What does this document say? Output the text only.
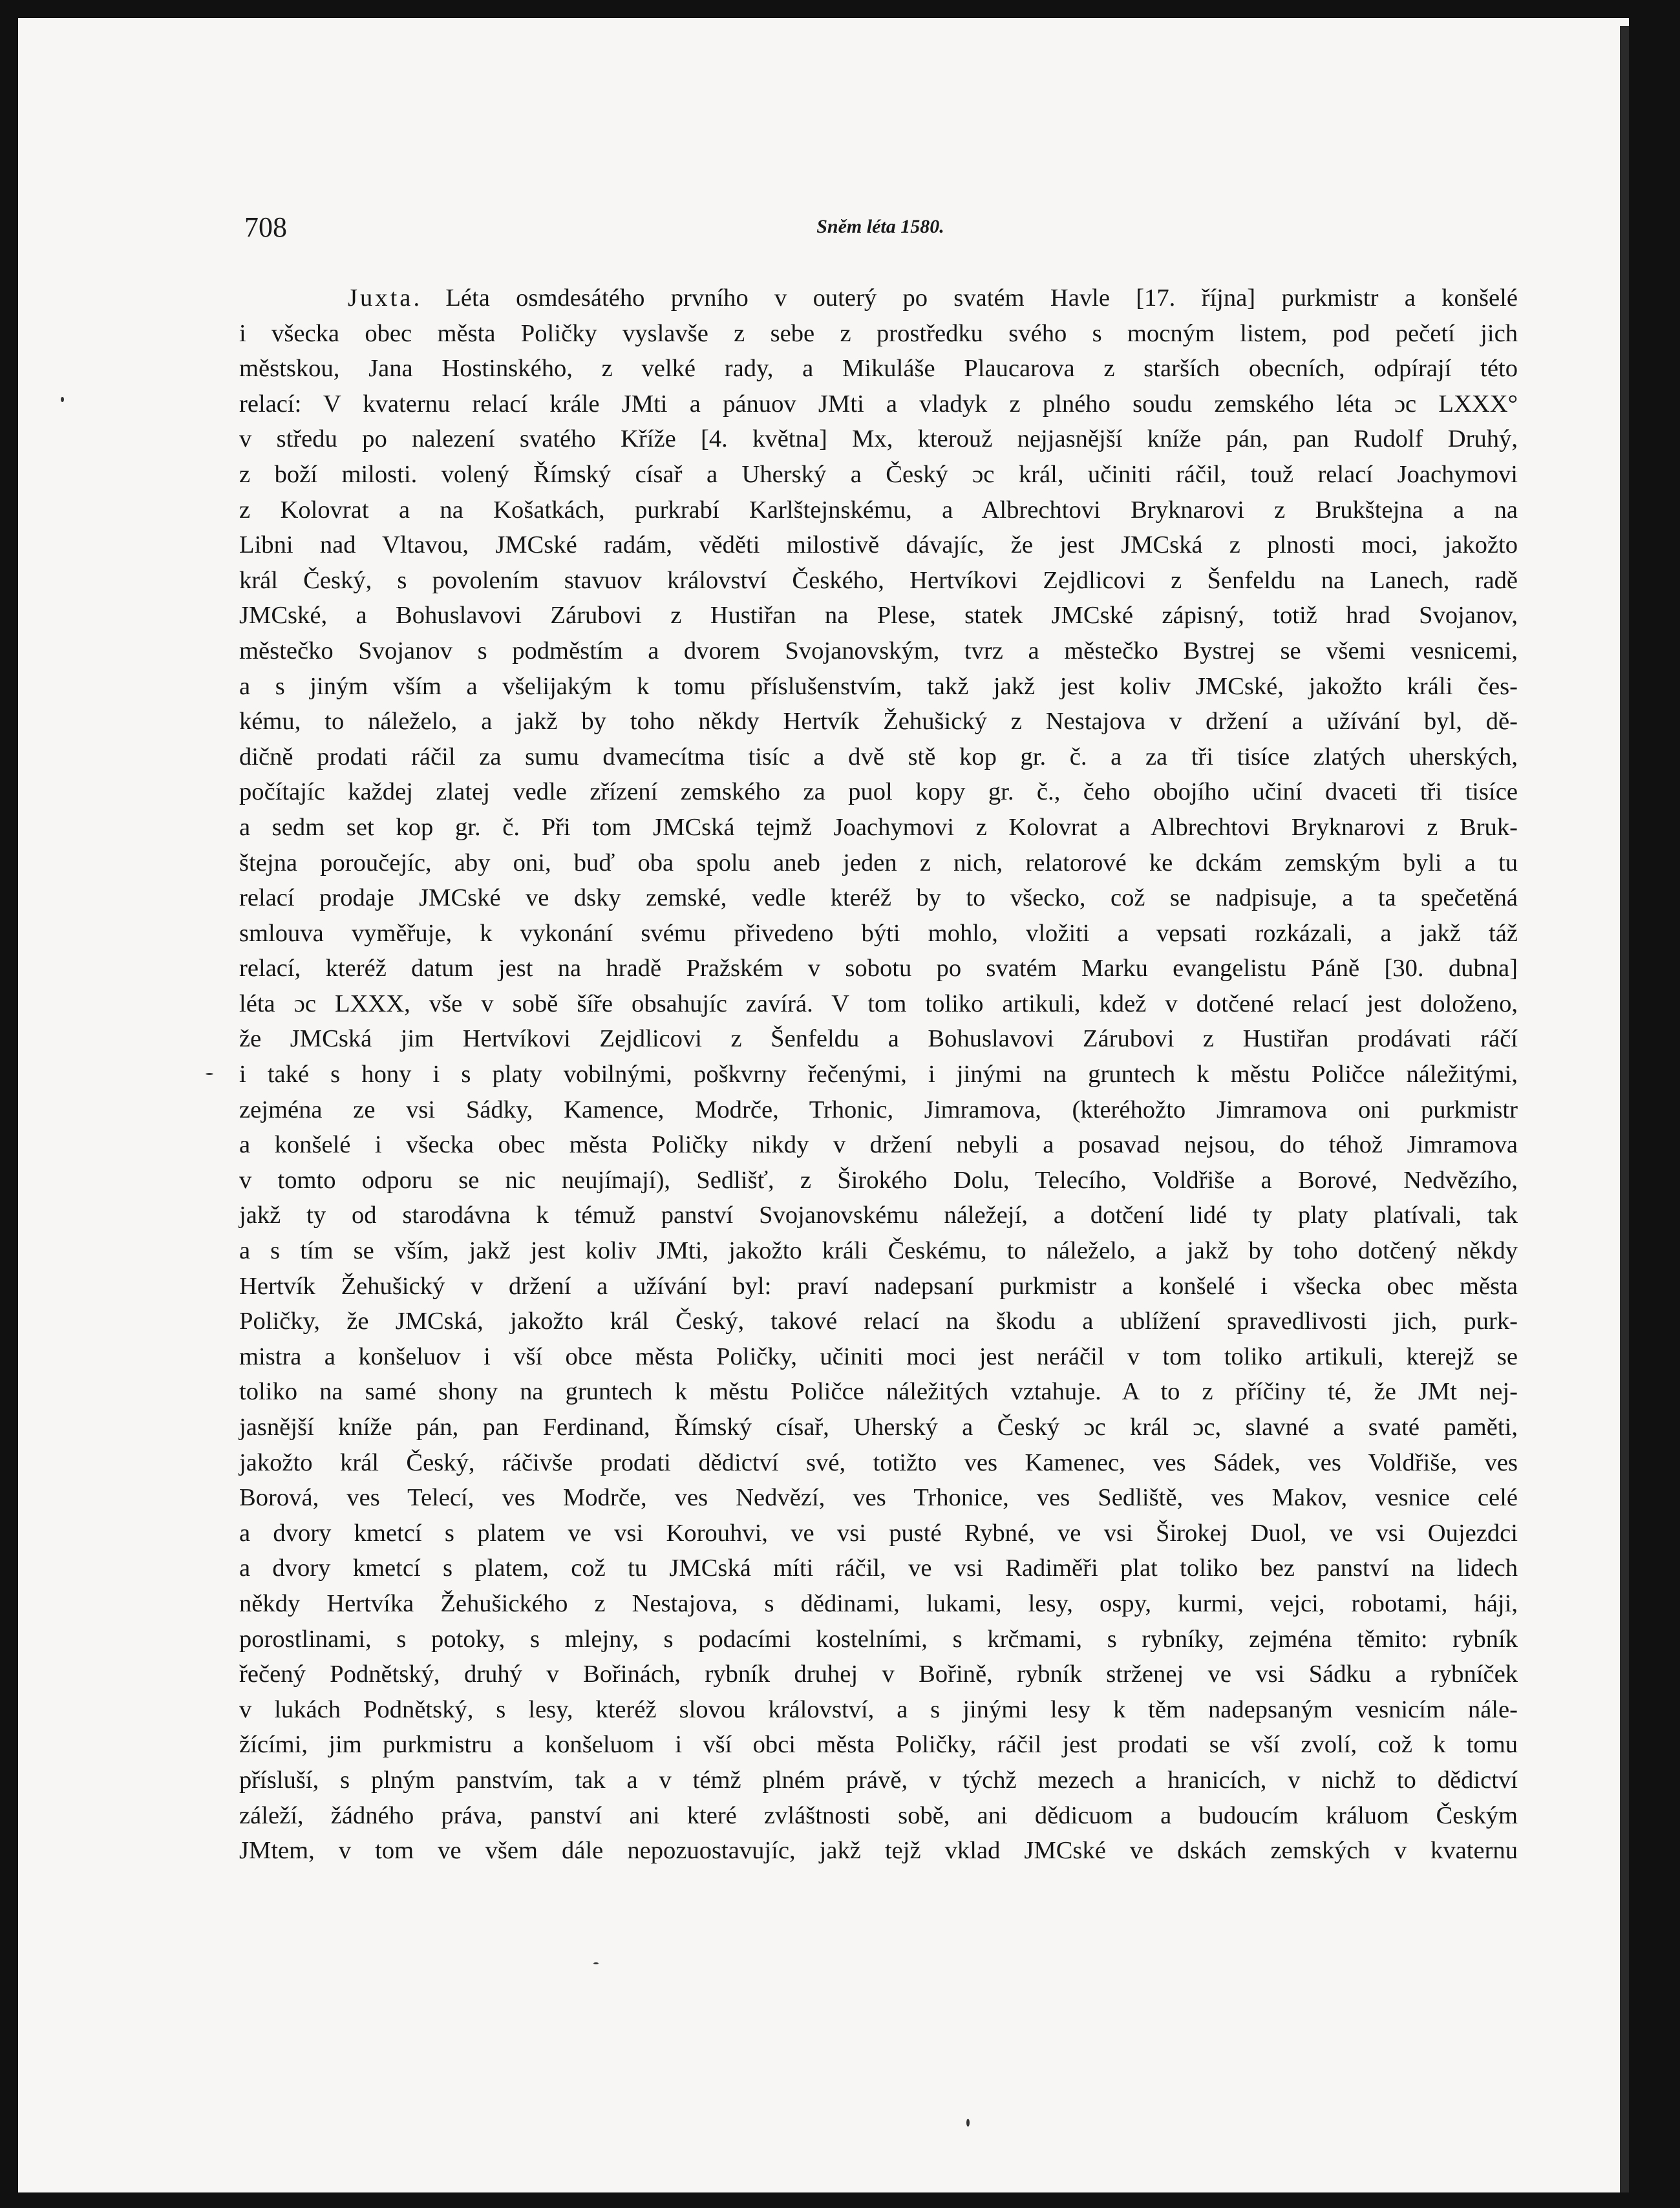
708	Sněm léta 1580.
Juxta. Léta osmdesátého prvního v outerý po svatém Havle [17. října] purkmistr a konšelé
i všecka obec města Poličky vyslavše z sebe z prostředku svého s mocným listem, pod pečetí jich
městskou, Jana Hostinského, z velké rady, a Mikuláše Plaucarova z starších obecních, odpírají této
relací: V kvaternu relací krále JMti a pánuov JMti a vladyk z plného soudu zemského léta ɔc LXXX°
v středu po nalezení svatého Kříže [4. května] Mx, kterouž nejjasnější kníže pán, pan Rudolf Druhý,
z boží milosti. volený Římský císař a Uherský a Český ɔc král, učiniti ráčil, touž relací Joachymovi
z Kolovrat a na Košatkách, purkrabí Karlštejnskému, a Albrechtovi Bryknarovi z Brukštejna a na
Libni nad Vltavou, JMCské radám, věděti milostivě dávajíc, že jest JMCská z plnosti moci, jakožto
král Český, s povolením stavuov království Českého, Hertvíkovi Zejdlicovi z Šenfeldu na Lanech, radě
JMCské, a Bohuslavovi Zárubovi z Hustiřan na Plese, statek JMCské zápisný, totiž hrad Svojanov,
městečko Svojanov s podměstím a dvorem Svojanovským, tvrz a městečko Bystrej se všemi vesnicemi,
a s jiným vším a všelijakým k tomu příslušenstvím, takž jakž jest koliv JMCské, jakožto králi čes-
kému, to náleželo, a jakž by toho někdy Hertvík Žehušický z Nestajova v držení a užívání byl, dě-
dičně prodati ráčil za sumu dvamecítma tisíc a dvě stě kop gr. č. a za tři tisíce zlatých uherských,
počítajíc každej zlatej vedle zřízení zemského za puol kopy gr. č., čeho obojího učiní dvaceti tři tisíce
a sedm set kop gr. č. Při tom JMCská tejmž Joachymovi z Kolovrat a Albrechtovi Bryknarovi z Bruk-
štejna poroučejíc, aby oni, buď oba spolu aneb jeden z nich, relatorové ke dckám zemským byli a tu
relací prodaje JMCské ve dsky zemské, vedle kteréž by to všecko, což se nadpisuje, a ta spečetěná
smlouva vyměřuje, k vykonání svému přivedeno býti mohlo, vložiti a vepsati rozkázali, a jakž táž
relací, kteréž datum jest na hradě Pražském v sobotu po svatém Marku evangelistu Páně [30. dubna]
léta ɔc LXXX, vše v sobě šíře obsahujíc zavírá. V tom toliko artikuli, kdež v dotčené relací jest doloženo,
že JMCská jim Hertvíkovi Zejdlicovi z Šenfeldu a Bohuslavovi Zárubovi z Hustiřan prodávati ráčí
i také s hony i s platy vobilnými, poškvrny řečenými, i jinými na gruntech k městu Poličce náležitými,
zejména ze vsi Sádky, Kamence, Modrče, Trhonic, Jimramova, (kteréhožto Jimramova oni purkmistr
a konšelé i všecka obec města Poličky nikdy v držení nebyli a posavad nejsou, do téhož Jimramova
v tomto odporu se nic neujímají), Sedlišť, z Širokého Dolu, Telecího, Voldřiše a Borové, Nedvězího,
jakž ty od starodávna k témuž panství Svojanovskému náležejí, a dotčení lidé ty platy platívali, tak
a s tím se vším, jakž jest koliv JMti, jakožto králi Českému, to náleželo, a jakž by toho dotčený někdy
Hertvík Žehušický v držení a užívání byl: praví nadepsaní purkmistr a konšelé i všecka obec města
Poličky, že JMCská, jakožto král Český, takové relací na škodu a ublížení spravedlivosti jich, purk-
mistra a konšeluov i vší obce města Poličky, učiniti moci jest neráčil v tom toliko artikuli, kterejž se
toliko na samé shony na gruntech k městu Poličce náležitých vztahuje. A to z příčiny té, že JMt nej-
jasnější kníže pán, pan Ferdinand, Římský císař, Uherský a Český ɔc král ɔc, slavné a svaté paměti,
jakožto král Český, ráčivše prodati dědictví své, totižto ves Kamenec, ves Sádek, ves Voldřiše, ves
Borová, ves Telecí, ves Modrče, ves Nedvězí, ves Trhonice, ves Sedliště, ves Makov, vesnice celé
a dvory kmetcí s platem ve vsi Korouhvi, ve vsi pusté Rybné, ve vsi Širokej Duol, ve vsi Oujezdci
a dvory kmetcí s platem, což tu JMCská míti ráčil, ve vsi Radiměři plat toliko bez panství na lidech
někdy Hertvíka Žehušického z Nestajova, s dědinami, lukami, lesy, ospy, kurmi, vejci, robotami, háji,
porostlinami, s potoky, s mlejny, s podacími kostelními, s krčmami, s rybníky, zejména těmito: rybník
řečený Podnětský, druhý v Bořinách, rybník druhej v Bořině, rybník strženej ve vsi Sádku a rybníček
v lukách Podnětský, s lesy, kteréž slovou království, a s jinými lesy k těm nadepsaným vesnicím nále-
žícími, jim purkmistru a konšeluom i vší obci města Poličky, ráčil jest prodati se vší zvolí, což k tomu
přísluší, s plným panstvím, tak a v témž plném právě, v týchž mezech a hranicích, v nichž to dědictví
záleží, žádného práva, panství ani které zvláštnosti sobě, ani dědicuom a budoucím králuom Českým
JMtem, v tom ve všem dále nepozuostavujíc, jakž tejž vklad JMCské ve dskách zemských v kvaternu
